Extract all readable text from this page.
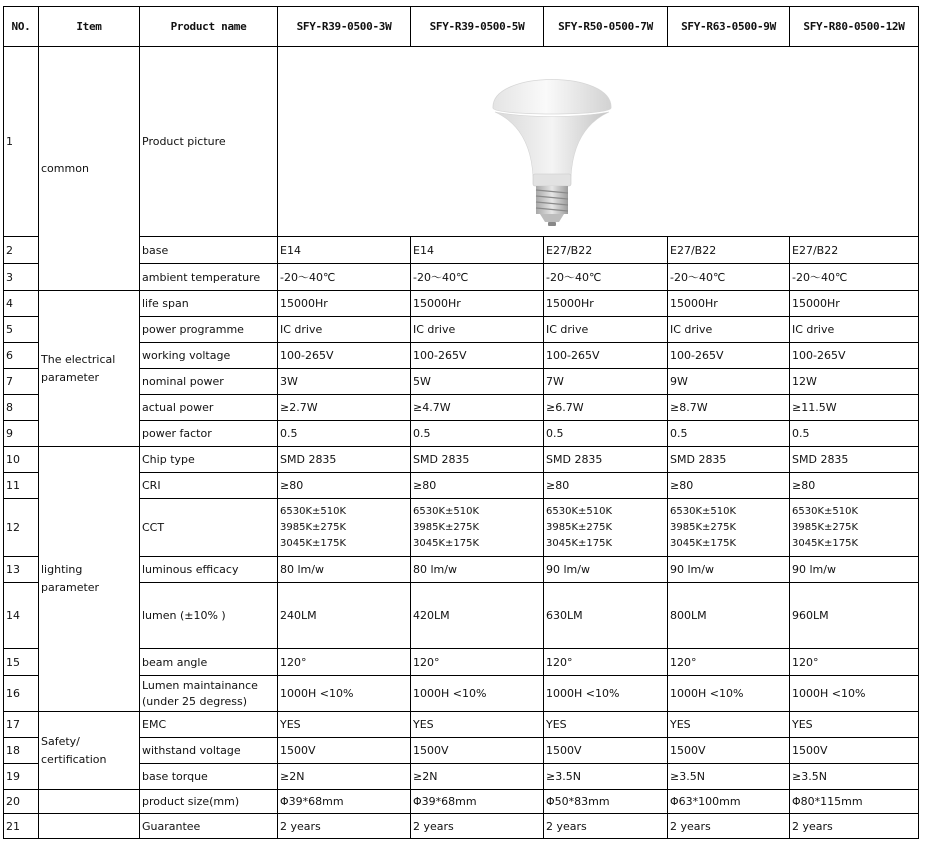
NO.	Item	Product name	SFY-R39-0500-3W	SFY-R39-0500-5W	SFY-R50-0500-7W	SFY-R63-0500-9W	SFY-R80-0500-12W
1	common	Product picture	

2		base	E14	E14	E27/B22	E27/B22	E27/B22
3		ambient temperature	-20～40℃	-20～40℃	-20～40℃	-20～40℃	-20～40℃
4	The electrical parameter	life span	15000Hr	15000Hr	15000Hr	15000Hr	15000Hr
5		power programme	IC drive	IC drive	IC drive	IC drive	IC drive
6		working voltage	100-265V	100-265V	100-265V	100-265V	100-265V
7		nominal power	3W	5W	7W	9W	12W
8		actual power	≥2.7W	≥4.7W	≥6.7W	≥8.7W	≥11.5W
9		power factor	0.5	0.5	0.5	0.5	0.5
10	lighting parameter	Chip type	SMD 2835	SMD 2835	SMD 2835	SMD 2835	SMD 2835
11		CRI	≥80	≥80	≥80	≥80	≥80
12		CCT	6530K±510K
3985K±275K
3045K±175K	6530K±510K
3985K±275K
3045K±175K	6530K±510K
3985K±275K
3045K±175K	6530K±510K
3985K±275K
3045K±175K	6530K±510K
3985K±275K
3045K±175K

13		luminous efficacy	80 lm/w	80 lm/w	90 lm/w	90 lm/w	90 lm/w
14		lumen (±10% )	240LM	420LM	630LM	800LM	960LM
15		beam angle	120°	120°	120°	120°	120°
16		Lumen maintainance (under 25 degress)	1000H <10%	1000H <10%	1000H <10%	1000H <10%	1000H <10%
17	Safety/ certification	EMC	YES	YES	YES	YES	YES
18		withstand voltage	1500V	1500V	1500V	1500V	1500V
19		base torque	≥2N	≥2N	≥3.5N	≥3.5N	≥3.5N
20		product size(mm)	Φ39*68mm	Φ39*68mm	Φ50*83mm	Φ63*100mm	Φ80*115mm
21		Guarantee	2 years	2 years	2 years	2 years	2 years
